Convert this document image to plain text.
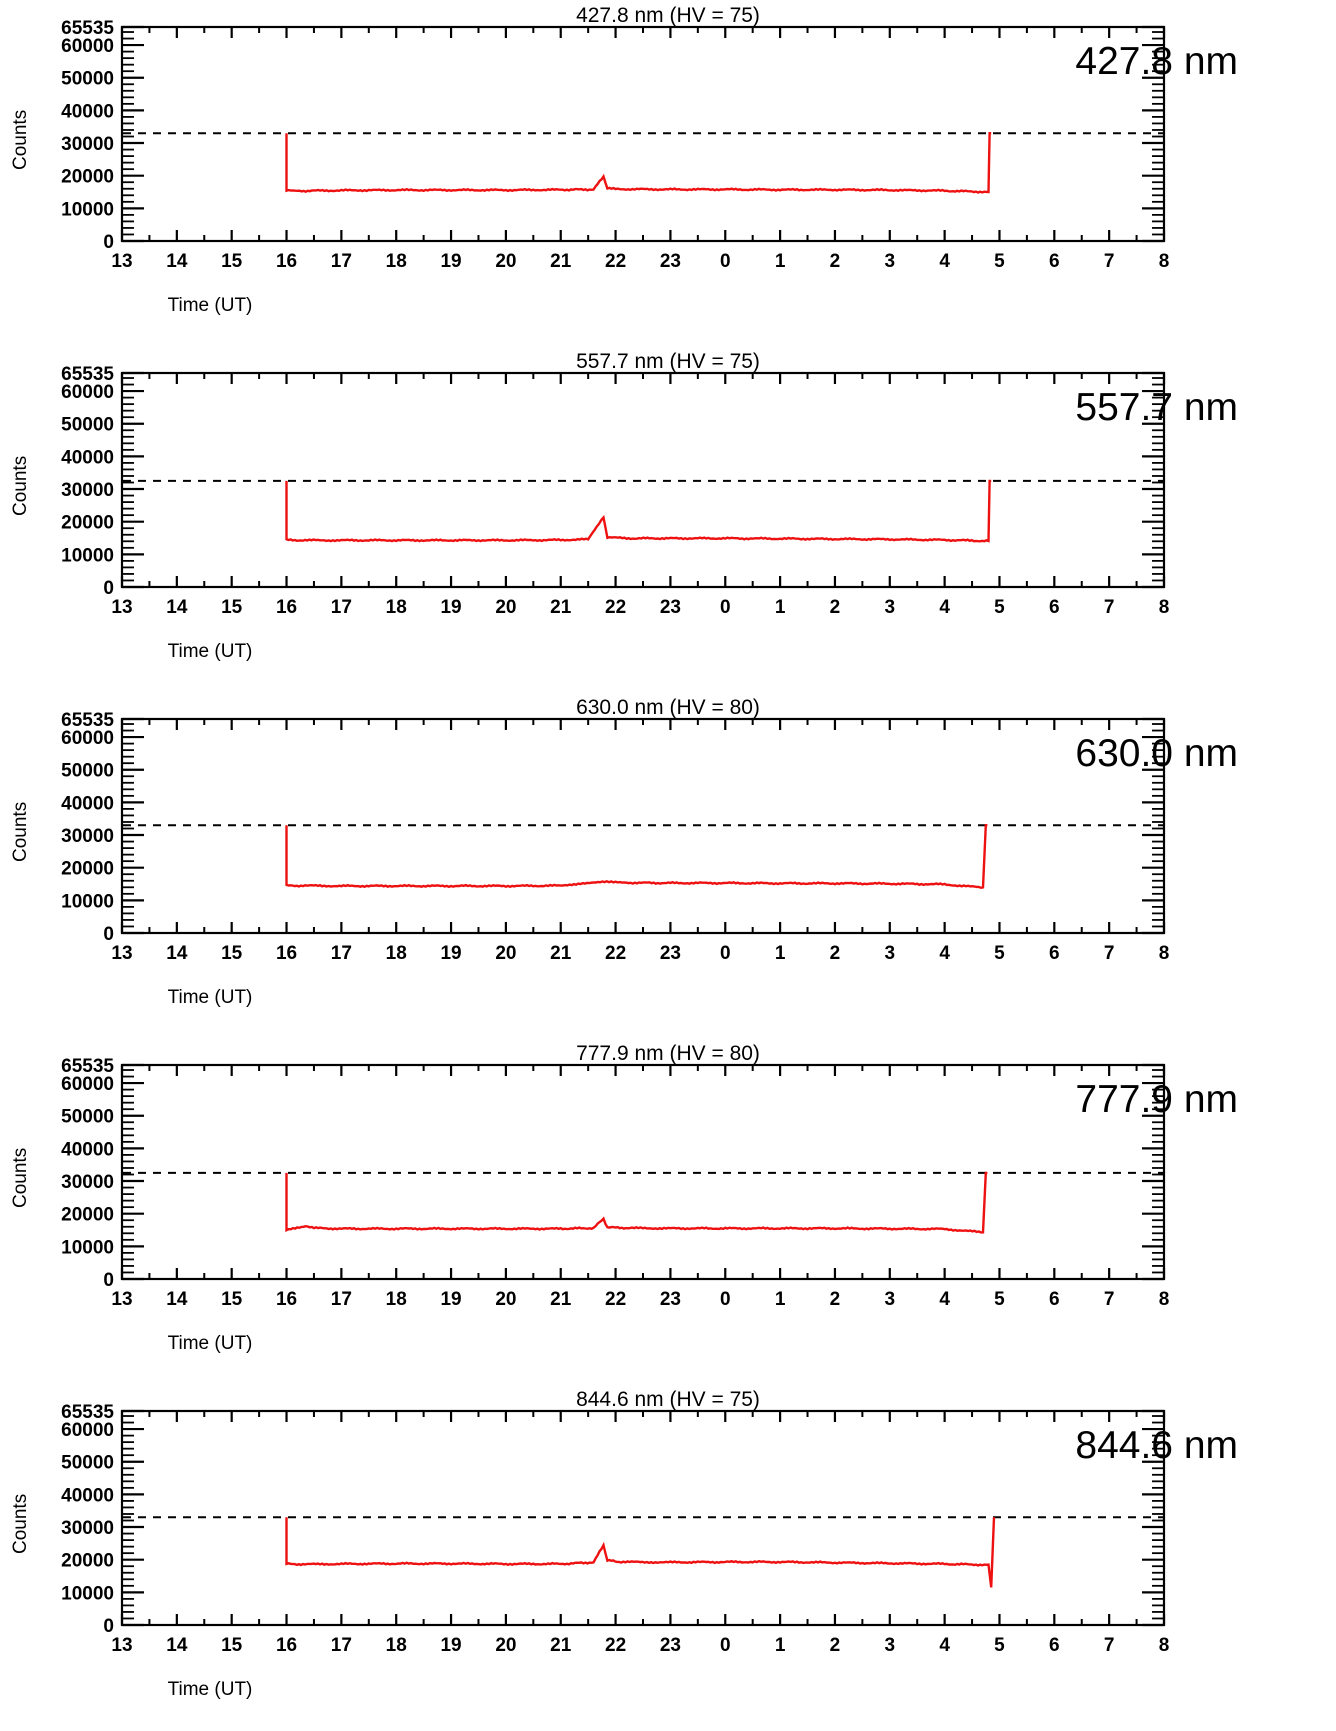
427.8 nm (HV = 75)
13 14 15 16 17 18 19 20 21 22 23 0 1 2 3 4 5 6 7 8
0
10000
20000
30000
40000
50000
60000
65535
Counts
Time (UT)
427.8 nm
557.7 nm (HV = 75)
13 14 15 16 17 18 19 20 21 22 23 0 1 2 3 4 5 6 7 8
0
10000
20000
30000
40000
50000
60000
65535
Counts
Time (UT)
557.7 nm
630.0 nm (HV = 80)
13 14 15 16 17 18 19 20 21 22 23 0 1 2 3 4 5 6 7 8
0
10000
20000
30000
40000
50000
60000
65535
Counts
Time (UT)
630.0 nm
777.9 nm (HV = 80)
13 14 15 16 17 18 19 20 21 22 23 0 1 2 3 4 5 6 7 8
0
10000
20000
30000
40000
50000
60000
65535
Counts
Time (UT)
777.9 nm
844.6 nm (HV = 75)
13 14 15 16 17 18 19 20 21 22 23 0 1 2 3 4 5 6 7 8
0
10000
20000
30000
40000
50000
60000
65535
Counts
Time (UT)
844.6 nm
